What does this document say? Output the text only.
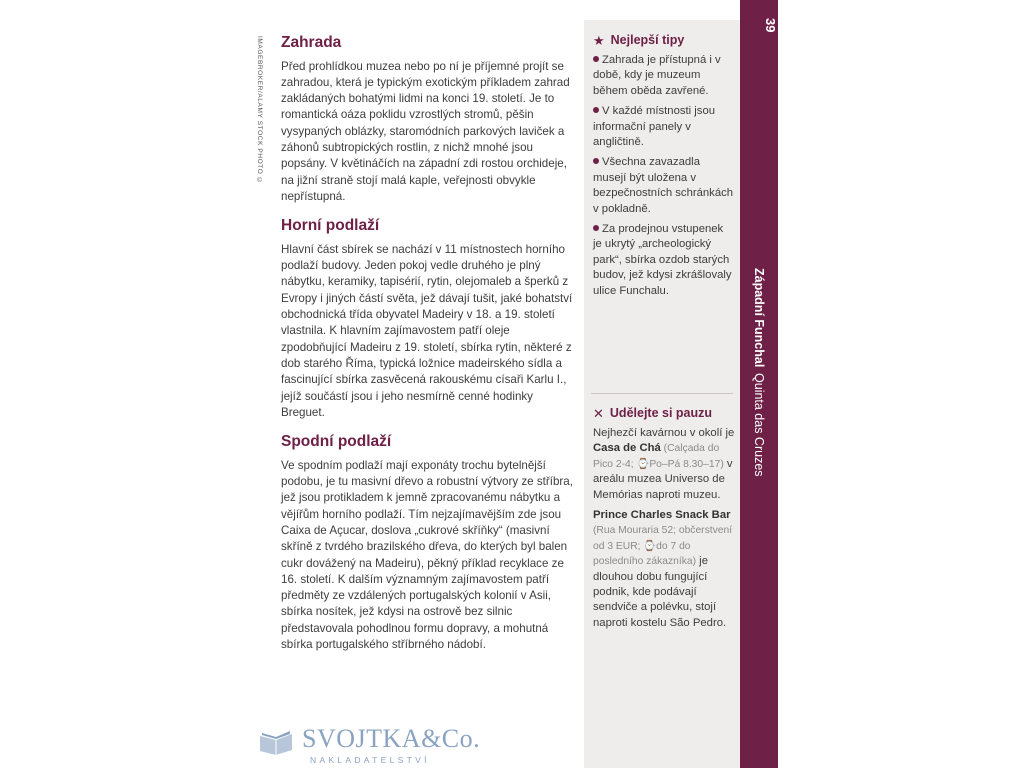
IMAGEBROKER/ALAMY STOCK PHOTO © Zahrada

Před prohlídkou muzea nebo po ní je příjemné projít se zahradou, která je typickým exotickým příkladem zahrad zakládaných bohatými lidmi na konci 19. století. Je to romantická oáza poklidu vzrostlých stromů, pěšin vysypaných oblázky, staromódních parkových laviček a záhonů subtropických rostlin, z nichž mnohé jsou popsány. V květináčích na západní zdi rostou orchideje, na jižní straně stojí malá kaple, veřejnosti obvykle nepřístupná.

Horní podlaží

Hlavní část sbírek se nachází v 11 místnostech horního podlaží budovy. Jeden pokoj vedle druhého je plný nábytku, keramiky, tapisérií, rytin, olejomaleb a šperků z Evropy i jiných částí světa, jež dávají tušit, jaké bohatství obchodnická třída obyvatel Madeiry v 18. a 19. století vlastnila. K hlavním zajímavostem patří oleje zpodobňující Madeiru z 19. století, sbírka rytin, některé z dob starého Říma, typická ložnice madeirského sídla a fascinující sbírka zasvěcená rakouskému císaři Karlu I., jejíž součástí jsou i jeho nesmírně cenné hodinky Breguet.

Spodní podlaží

Ve spodním podlaží mají exponáty trochu bytelnější podobu, je tu masivní dřevo a robustní výtvory ze stříbra, jež jsou protikladem k jemně zpracovanému nábytku a vějířům horního podlaží. Tím nejzajímavějším zde jsou Caixa de Açucar, doslova „cukrové skříňky“ (masivní skříně z tvrdého brazilského dřeva, do kterých byl balen cukr dovážený na Madeiru), pěkný příklad recyklace ze 16. století. K dalším významným zajímavostem patří předměty ze vzdálených portugalských kolonií v Asii, sbírka nosítek, jež kdysi na ostrově bez silnic představovala pohodlnou formu dopravy, a mohutná sbírka portugalského stříbrného nádobí.

★ Nejlepší tipy
Zahrada je přístupná i v době, kdy je muzeum během oběda zavřené.
V každé místnosti jsou informační panely v angličtině.
Všechna zavazadla musejí být uložena v bezpečnostních schránkách v pokladně.
Za prodejnou vstupenek je ukrytý „archeologický park“, sbírka ozdob starých budov, jež kdysi zkrášlovaly ulice Funchalu.
✕ Udělejte si pauzu

Nejhezčí kavárnou v okolí je Casa de Chá (Calçada do Pico 2-4; ⌚Po–Pá 8.30–17) v areálu muzea Universo de Memórias naproti muzeu.

Prince Charles Snack Bar (Rua Mouraria 52; občerstvení od 3 EUR; ⌚do 7 do posledního zákazníka) je dlouhou dobu fungující podnik, kde podávají sendviče a polévku, stojí naproti kostelu São Pedro.

39
Západní Funchal
Quinta das Cruzes
SVOJTKA&Co.
NAKLADATELSTVÍ
